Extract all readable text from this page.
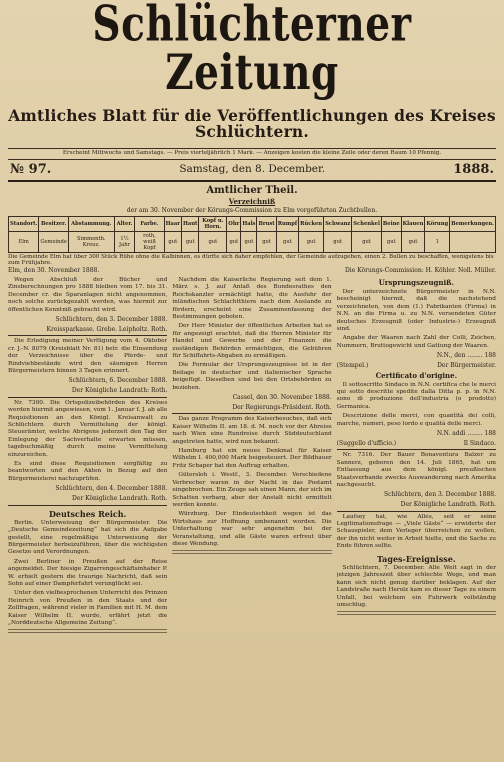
Schlüchterner Zeitung
Amtliches Blatt für die Veröffentlichungen des Kreises Schlüchtern.
Erscheint Mittwochs und Samstags. — Preis vierteljährlich 1 Mark. — Anzeigen kosten die kleine Zeile oder deren Raum 10 Pfennig.
№ 97.	Samstag, den 8. December.	1888.
Amtlicher Theil.
Verzeichniß
der am 30. November der Körungs-Commission zu Elm vorgeführten Zuchtbullen.
Standort.	Besitzer.	Abstammung.	Alter.	Farbe.	Haar	Haut	Kopf u. Horn.	Ohr	Hals	Brust	Rumpf	Rücken	Schwanz	Schenkel	Beine	Klauen	Körung	Bemerkungen.
Elm	Gemeinde	Simmenth. Kreuz.	1½ Jahr	roth, weiß Kopf	gut	gut	gut	gut	gut	gut	gut	gut	gut	gut	gut	gut	1	
Die Gemeinde Elm hat über 300 Stück Rühe ohne die Kalbinnen, es dürfte sich daher empfehlen, der Gemeinde aufzugeben, einen 2. Bullen zu beschaffen, wenigstens bis zum Frühjahre.
Elm, den 30. November 1888.	Die Körungs-Commission: H. Köhler. Noll. Müller.

Wegen Abschluß der Bücher und Zinsberechnungen pro 1888 bleiben vom 17. bis 31. December cr. die Sparanlagen nicht angenommen, noch solche zurückgezahlt werden, was hiermit zur öffentlichen Kenntniß gebracht wird.

Schlüchtern, den 3. December 1888.
Kreissparkasse. Grebe. Leipholtz. Roth.

Die Erledigung meiner Verfügung vom 4. Oktober cr. J.-N. 8079 (Kreisblatt Nr. 81) betr. die Einsendung der Verzeichnisse über die Pferde- und Rindviehbestände wird den säumigen Herren Bürgermeistern binnen 3 Tagen erinnert.

Schlüchtern, 6. December 1888.
Der Königliche Landrath: Roth.

Nr. 7300. Die Ortspolizeibehörden des Kreises werden hiermit angewiesen, vom 1. Januar f. J. ab alle Requisitionen an den Königl. Kreisanwalt zu Schlüchtern durch Vermittelung der königl. Steuerämter, welche Abrigens jederzeit den Tag der Einlegung der Sachverhalte erwarten müssen, tagebuchmäßig durch meine Vermittelung einzureichen.

Es sind diese Requisitionen sorgfältig zu beantworten und den Akten in Bezug auf den Bürgermeisterei nachzuprüfen.

Schlüchtern, den 4. December 1888.
Der Königliche Landrath. Roth.
Deutsches Reich.

Berlin. Unterweisung der Bürgermeister. Die „Deutsche Gemeindezeitung“ hat sich die Aufgabe gestellt, eine regelmäßige Unterweisung der Bürgermeister herbeizuführen, über die wichtigsten Gesetze und Verordnungen.

Zwei Berliner in Preußen auf der Reise angemeldet. Der hiesige Zigarrengeschäftsinhaber P. W. erhielt gestern die traurige Nachricht, daß sein Sohn auf einer Dampferfahrt verunglückt sei.

Unter den vielbesprochenen Unterricht des Prinzen Heinrich von Preußen in den Staats und der Zollfragen, während vieler in Familien mit H. M. dem Kaiser Wilhelm II. wurde, erfährt jetzt die „Norddeutsche Allgemeine Zeitung“.

Nachdem die Kaiserliche Regierung seit dem 1. März s. J. auf Anlaß des Bundesrathes den Reichskanzler ermächtigt hatte, die Ausfuhr der inländischen Schlachtthiere nach dem Auslande zu fördern, erscheint eine Zusammenfassung der Bestimmungen geboten.

Der Herr Minister der öffentlichen Arbeiten hat es für angezeigt erachtet, daß die Herren Minister für Handel und Gewerbe und der Finanzen die zuständigen Behörden ermächtigen, die Gebühren für Schiffahrts-Abgaben zu ermäßigen.

Die Formular der Ursprungszeugnisse ist in der Beilage in deutscher und italienischer Sprache beigefügt. Dieselben sind bei den Ortsbehörden zu beziehen.

Cassel, den 30. November 1888.
Der Regierungs-Präsident. Roth.

Das ganze Programm des Kaiserbesuches, daß sich Kaiser Wilhelm II. am 18. d. M. noch vor der Abreise nach Wien eine Rundreise durch Süddeutschland angetreten hatte, wird nun bekannt.

Hamburg hat ein neues Denkmal für Kaiser Wilhelm I. 400,000 Mark beigesteuert. Der Bildhauer Fritz Schaper hat den Auftrag erhalten.

Gütersloh i. Westf., 3. December. Verschiedene Verbrecher waren in der Nacht in das Postamt eingebrochen. Ein Zeuge sah einen Mann, der sich im Schatten verbarg, aber der Anstalt nicht ermittelt werden konnte.

Würzburg. Der Eindeutschkeit wegen ist das Wirtshaus zur Hoffnung umbenannt worden. Die Unterhaltung war sehr angenehm bei der Veranstaltung, und alle Gäste waren erfreut über diese Wendung.

Ursprungszeugniß.

Der unterzeichnete Bürgermeister in N.N. bescheinigt hiermit, daß die nachstehend verzeichneten, von dem (1.) Fabrikanten (Firma) in N.N. an die Firma u. zu N.N. versendeten Güter deutsches Erzeugniß (oder Industrie-) Erzeugniß sind.

Angabe der Waaren nach Zahl der Colli, Zeichen, Nummern, Bruttogewicht und Gattung der Waaren.

N.N., den ........ 188
(Stempel.)	Der Bürgermeister.
Certificato d'origine.

Il sottoscritto Sindaco in N.N. certifica che le merci qui sotto descritte spedite dalla Ditta p. p. in N.N. sono di produzione dell'industria (o prodotto) Germanica.

Descrizione delle merci, con quantità dei colli, marche, numeri, peso lordo e qualità delle merci.

N.N. addì ........ 188
(Suggello d'ufficio.)	Il Sindaco.

Nr. 7316. Der Bauer Bonaventura Balzer zu Sannerz, geboren den 14. Juli 1865, hat um Entlassung aus dem königl. preußischen Staatsverbande zwecks Auswanderung nach Amerika nachgesucht.

Schlüchtern, den 3. December 1888.
Der Königliche Landrath. Roth.

Laufsey hat, wie Alles, seit er seine Legitimationsfrage — „Viele Gäste“ — erwiderte der Schauspieler, dem Verleger überreichen zu wollen, der ihn nicht weiter in Arbeit hielte, und die Sache zu Ende führen sollte.

Tages-Ereignisse.

Schlüchtern, 7. December. Alle Welt sagt in der jetzigen Jahreszeit über schlechte Wege, und man kann sich nicht genug darüber beklagen. Auf der Landstraße nach Herolz kam es dieser Tage zu einem Unfall, bei welchem ein Fuhrwerk vollständig umschlug.
